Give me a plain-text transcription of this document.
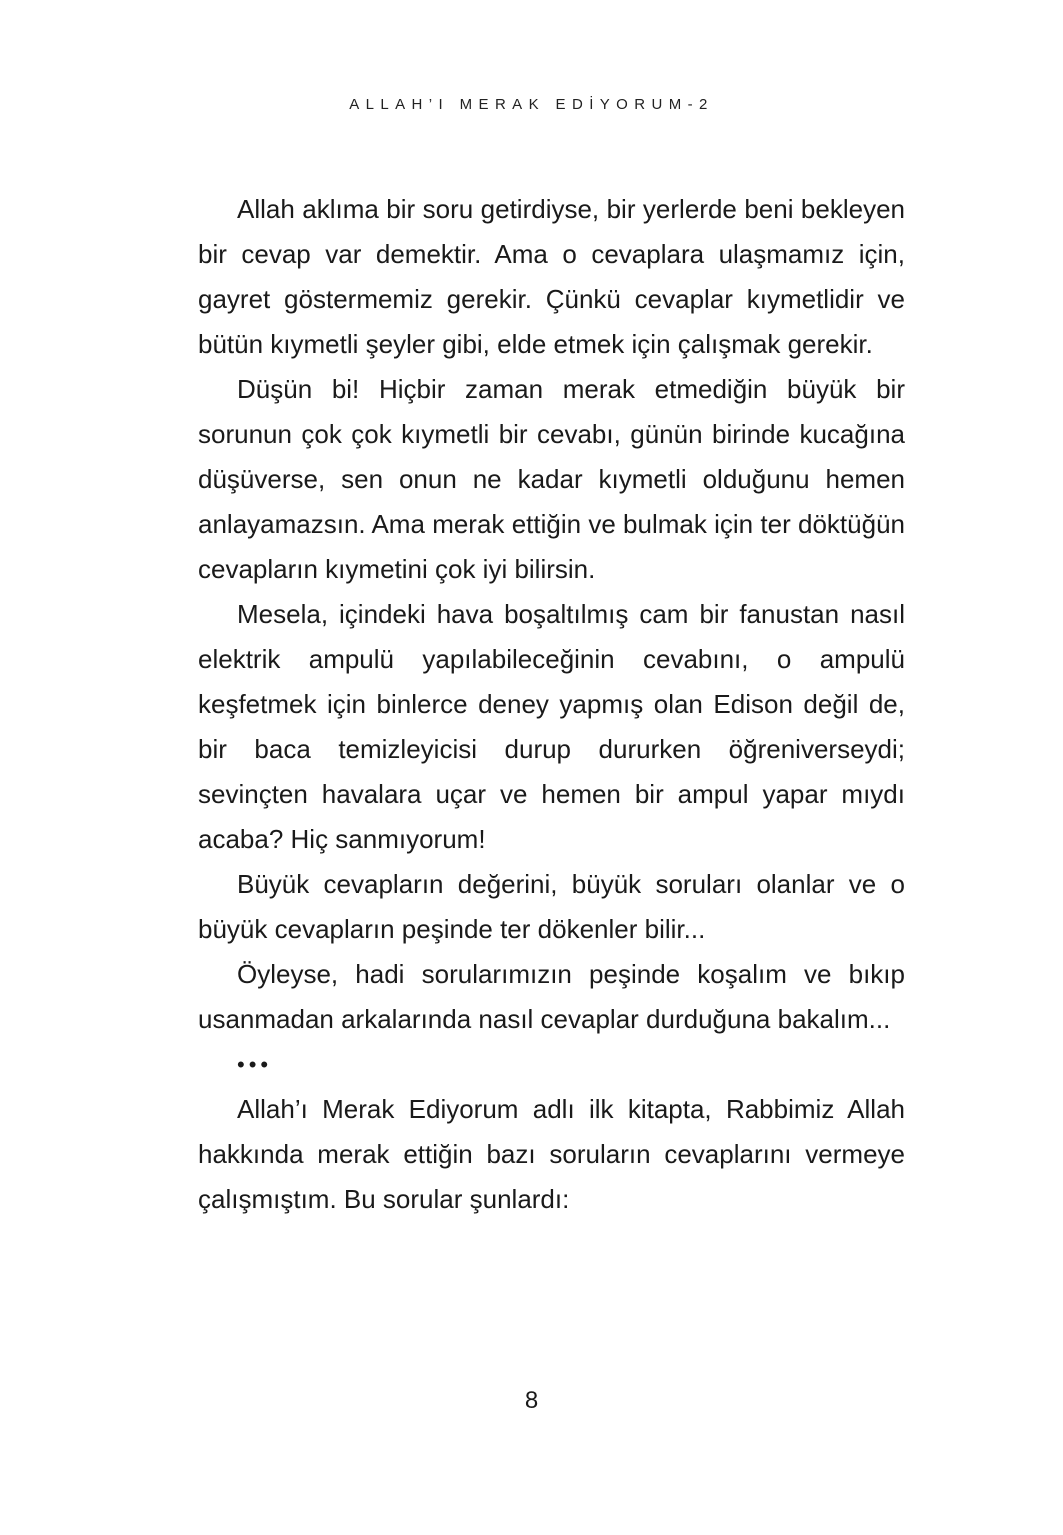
ALLAH’I MERAK EDİYORUM-2

Allah aklıma bir soru getirdiyse, bir yerlerde beni bekleyen bir cevap var demektir. Ama o cevaplara ulaşmamız için, gayret göstermemiz gerekir. Çünkü cevaplar kıymetlidir ve bütün kıymetli şeyler gibi, elde etmek için çalışmak gerekir.

Düşün bi! Hiçbir zaman merak etmediğin büyük bir sorunun çok çok kıymetli bir cevabı, günün birinde kucağına düşüverse, sen onun ne kadar kıymetli olduğunu hemen anlayamazsın. Ama merak ettiğin ve bulmak için ter döktüğün cevapların kıymetini çok iyi bilirsin.

Mesela, içindeki hava boşaltılmış cam bir fanustan nasıl elektrik ampulü yapılabileceğinin cevabını, o ampulü keşfetmek için binlerce deney yapmış olan Edison değil de, bir baca temizleyicisi durup dururken öğreniverseydi; sevinçten havalara uçar ve hemen bir ampul yapar mıydı acaba? Hiç sanmıyorum!

Büyük cevapların değerini, büyük soruları olanlar ve o büyük cevapların peşinde ter dökenler bilir...

Öyleyse, hadi sorularımızın peşinde koşalım ve bıkıp usanmadan arkalarında nasıl cevaplar durduğuna bakalım...

•••

Allah’ı Merak Ediyorum adlı ilk kitapta, Rabbimiz Allah hakkında merak ettiğin bazı soruların cevaplarını vermeye çalışmıştım. Bu sorular şunlardı:

8
